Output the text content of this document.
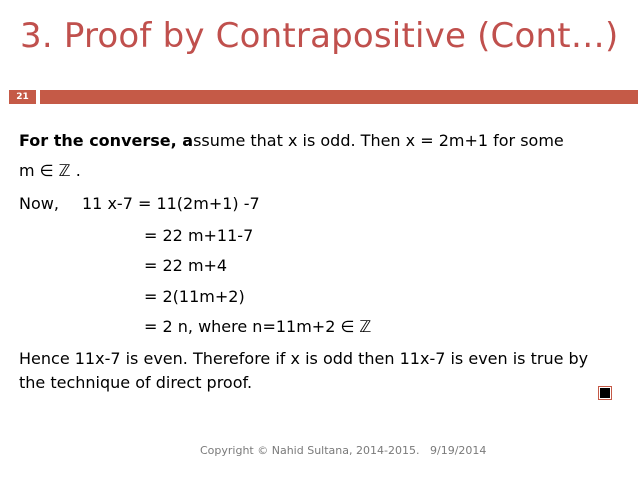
3. Proof by Contrapositive (Cont…)
21
For the converse, assume that x is odd. Then x = 2m+1 for some
m ∈ ℤ .
Now, 11 x-7 = 11(2m+1) -7
= 22 m+11-7
= 22 m+4
= 2(11m+2)
= 2 n, where n=11m+2 ∈ ℤ
Hence 11x-7 is even. Therefore if x is odd then 11x-7 is even is true by
the technique of direct proof.
Copyright © Nahid Sultana, 2014-2015. 9/19/2014
